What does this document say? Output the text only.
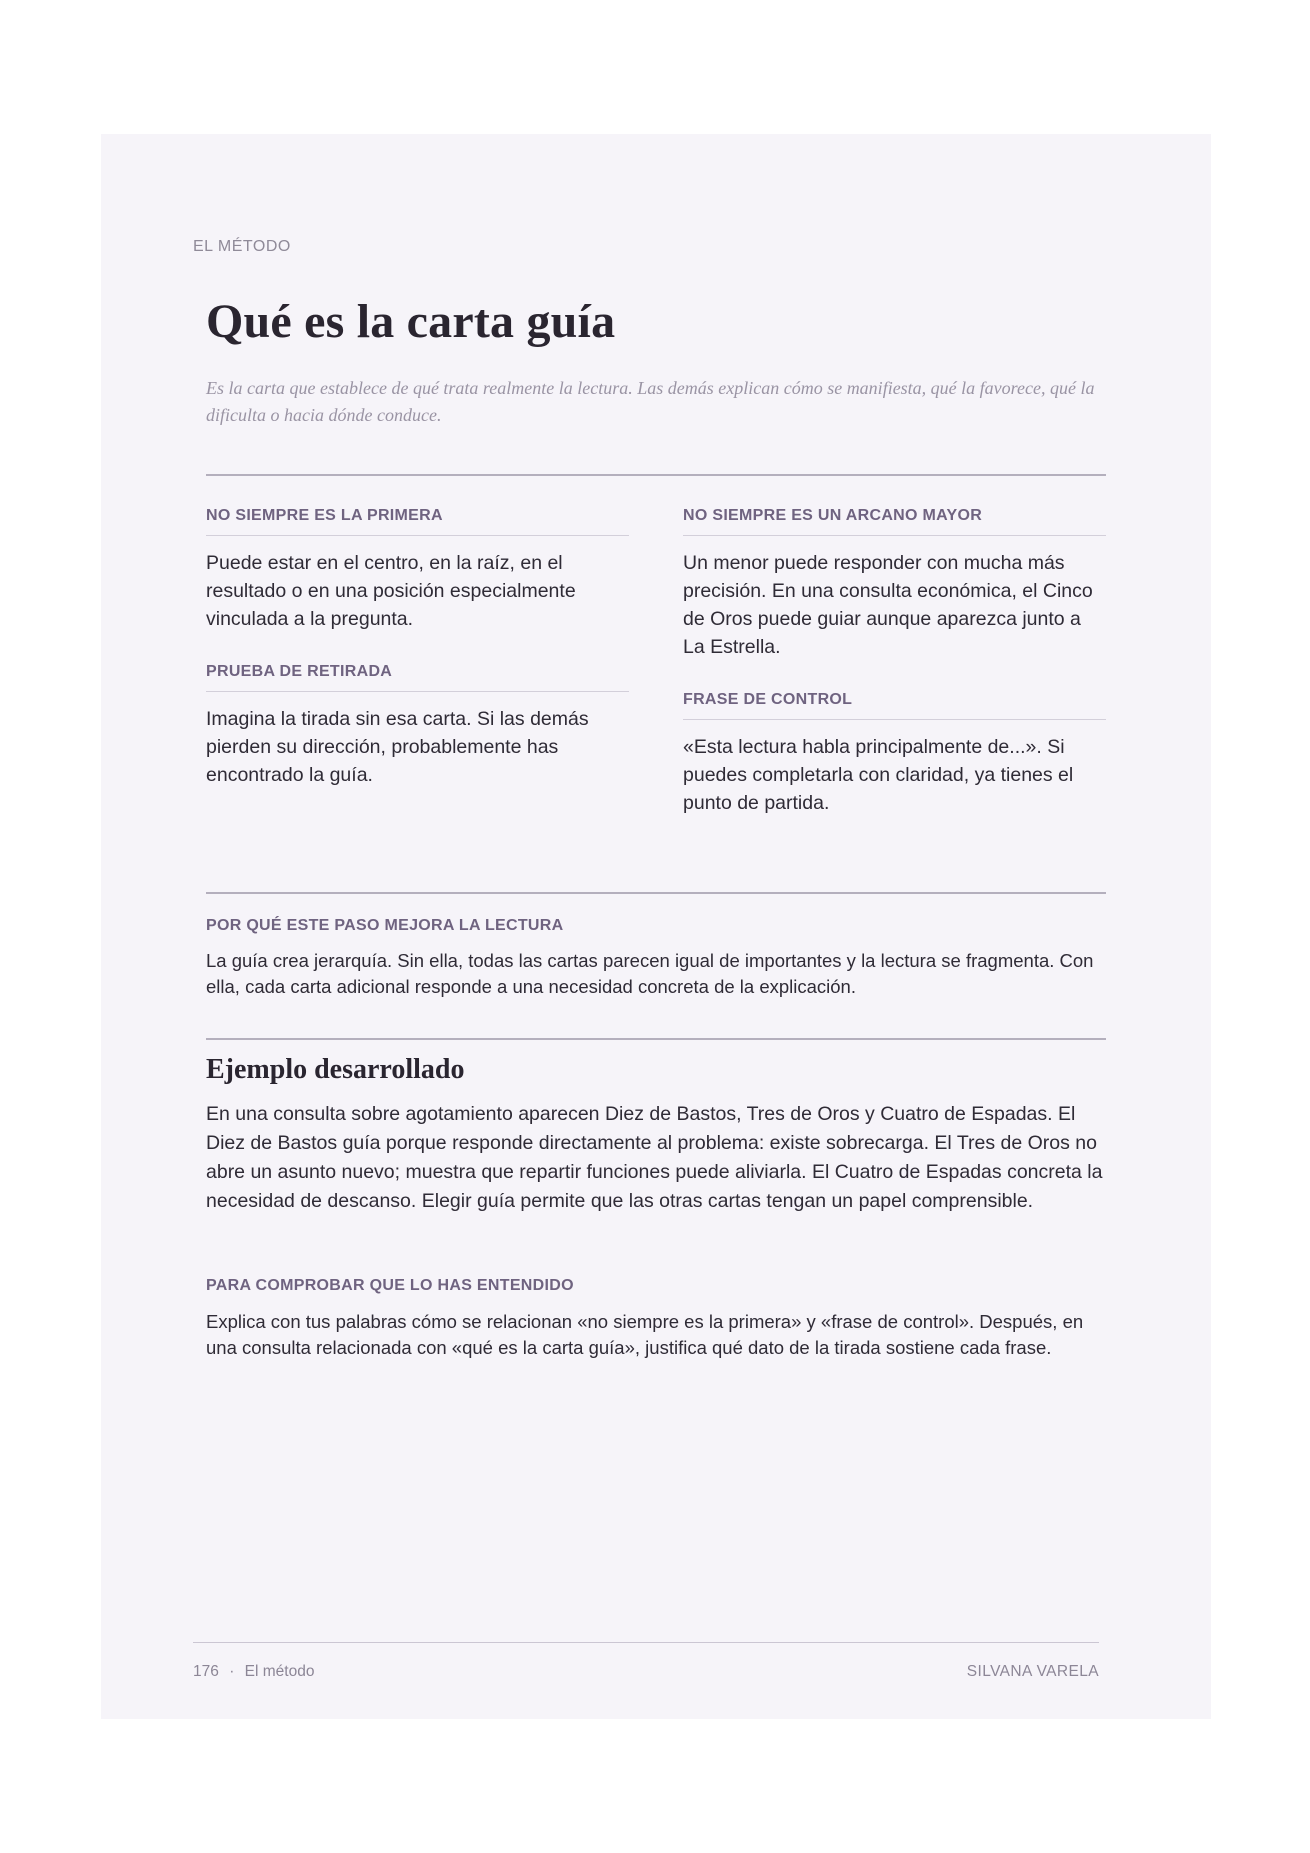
EL MÉTODO
Qué es la carta guía

Es la carta que establece de qué trata realmente la lectura. Las demás explican cómo se manifiesta, qué la favorece, qué la dificulta o hacia dónde conduce.

NO SIEMPRE ES LA PRIMERA

Puede estar en el centro, en la raíz, en el resultado o en una posición especialmente vinculada a la pregunta.

PRUEBA DE RETIRADA

Imagina la tirada sin esa carta. Si las demás pierden su dirección, probablemente has encontrado la guía.

NO SIEMPRE ES UN ARCANO MAYOR

Un menor puede responder con mucha más precisión. En una consulta económica, el Cinco de Oros puede guiar aunque aparezca junto a La Estrella.

FRASE DE CONTROL

«Esta lectura habla principalmente de...». Si puedes completarla con claridad, ya tienes el punto de partida.

POR QUÉ ESTE PASO MEJORA LA LECTURA

La guía crea jerarquía. Sin ella, todas las cartas parecen igual de importantes y la lectura se fragmenta. Con ella, cada carta adicional responde a una necesidad concreta de la explicación.

Ejemplo desarrollado

En una consulta sobre agotamiento aparecen Diez de Bastos, Tres de Oros y Cuatro de Espadas. El Diez de Bastos guía porque responde directamente al problema: existe sobrecarga. El Tres de Oros no abre un asunto nuevo; muestra que repartir funciones puede aliviarla. El Cuatro de Espadas concreta la necesidad de descanso. Elegir guía permite que las otras cartas tengan un papel comprensible.

PARA COMPROBAR QUE LO HAS ENTENDIDO

Explica con tus palabras cómo se relacionan «no siempre es la primera» y «frase de control». Después, en una consulta relacionada con «qué es la carta guía», justifica qué dato de la tirada sostiene cada frase.

176 · El método	SILVANA VARELA
